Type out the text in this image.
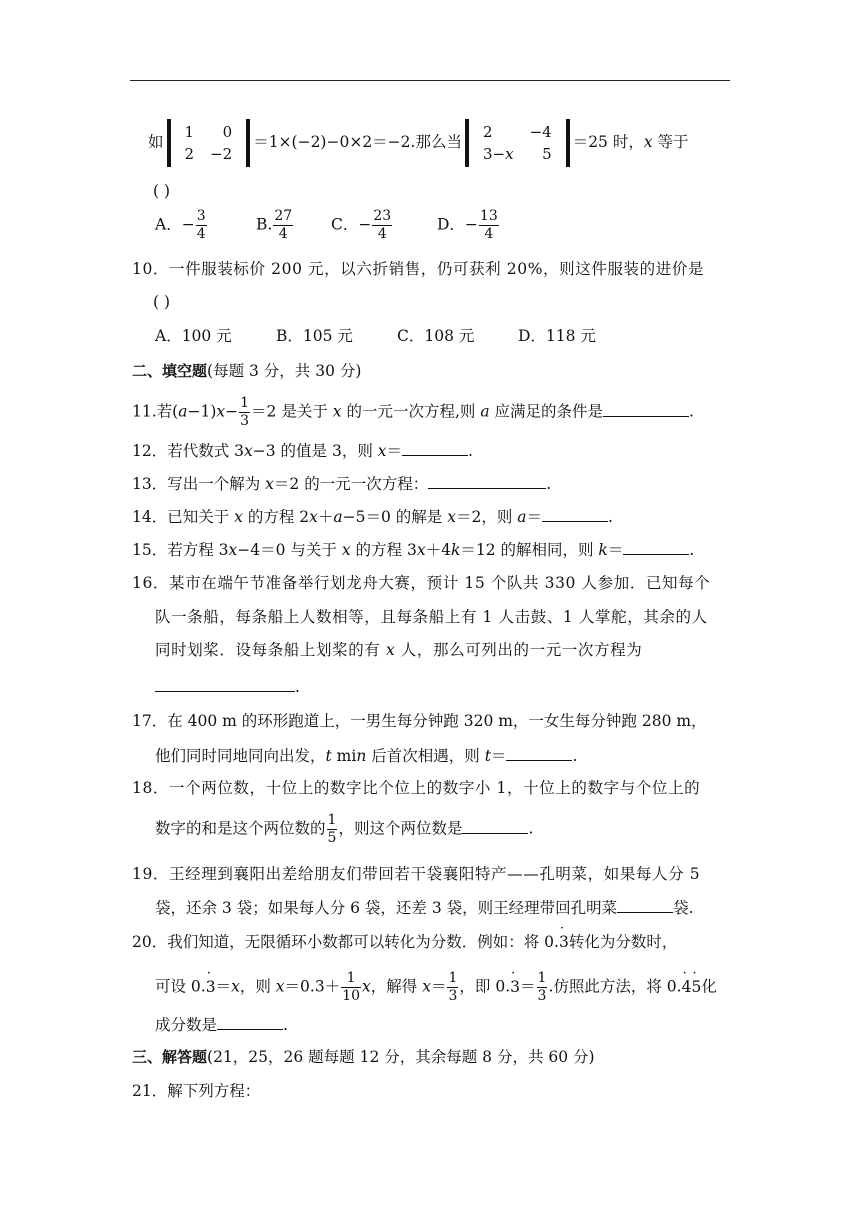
如
1	0
2	−2
＝1×(−2)−0×2＝−2.那么当
2	−4
3−x	5
＝25 时，x 等于
( )
A．− $\frac{3}{4}$	B. $\frac{27}{4}$ C．− $\frac{23}{4}$	D．− $\frac{13}{4}$
10．一件服装标价 200 元，以六折销售，仍可获利 20%，则这件服装的进价是
( )
A．100 元	B．105 元	C．108 元	D．118 元
二、填空题(每题 3 分，共 30 分)
11.若$(a-1)x- \frac{1}{3} =2$ 是关于 x 的一元一次方程,则 a 应满足的条件是	.
12．若代数式 3x−3 的值是 3，则 x＝	.
13．写出一个解为 x＝2 的一元一次方程：	.
14．已知关于 x 的方程 2x＋a−5＝0 的解是 x＝2，则 a＝	.
15．若方程 3x−4＝0 与关于 x 的方程 3x＋4k＝12 的解相同，则 k＝	.
16．某市在端午节准备举行划龙舟大赛，预计 15 个队共 330 人参加．已知每个
队一条船，每条船上人数相等，且每条船上有 1 人击鼓、1 人掌舵，其余的人
同时划桨．设每条船上划桨的有 x 人，那么可列出的一元一次方程为
.
17．在 400 m 的环形跑道上，一男生每分钟跑 320 m，一女生每分钟跑 280 m，
他们同时同地同向出发，t min 后首次相遇，则 t＝	.
18．一个两位数，十位上的数字比个位上的数字小 1，十位上的数字与个位上的
数字的和是这个两位数的 $\frac{1}{5}$ ，则这个两位数是	.
19．王经理到襄阳出差给朋友们带回若干袋襄阳特产——孔明菜，如果每人分 5
袋，还余 3 袋；如果每人分 6 袋，还差 3 袋，则王经理带回孔明菜	袋.
20．我们知道，无限循环小数都可以转化为分数．例如：将 0.· 3转化为分数时，
可设 0.· 3＝x，则 $x=0.3+ \frac{1}{10}$ x，解得 $x= \frac{1}{3}$ ，即 $0.\cdot 3= \frac{1}{3}$ .仿照此方法，将 0.· 4· 5化
成分数是	.
三、解答题(21，25，26 题每题 12 分，其余每题 8 分，共 60 分)
21．解下列方程：
